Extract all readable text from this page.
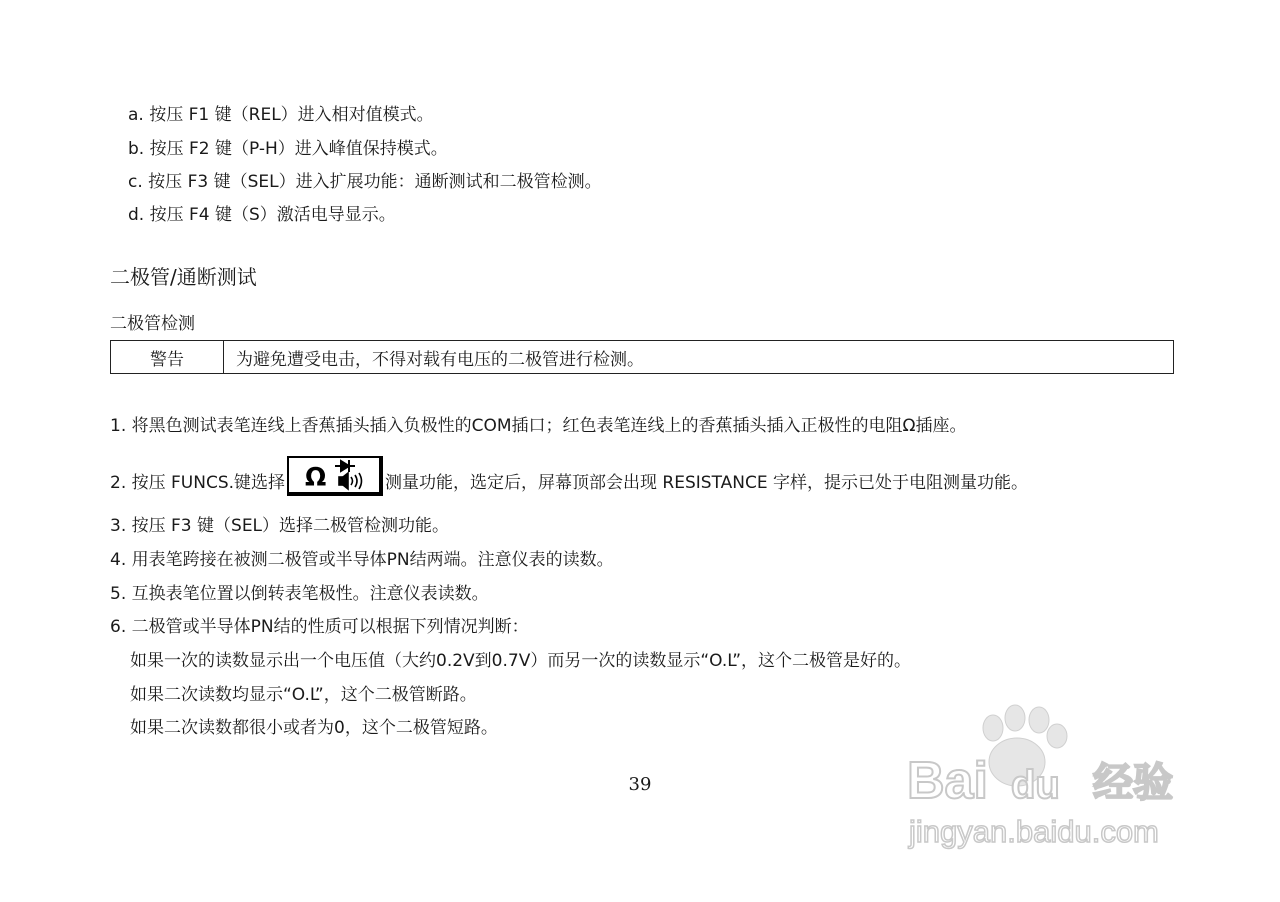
a. 按压 F1 键（REL）进入相对值模式。
b. 按压 F2 键（P-H）进入峰值保持模式。
c. 按压 F3 键（SEL）进入扩展功能：通断测试和二极管检测。
d. 按压 F4 键（S）激活电导显示。
二极管/通断测试
二极管检测
警告	为避免遭受电击，不得对载有电压的二极管进行检测。
1. 将黑色测试表笔连线上香蕉插头插入负极性的COM插口；红色表笔连线上的香蕉插头插入正极性的电阻Ω插座。
2. 按压 FUNCS.键选择 Ω	测量功能，选定后，屏幕顶部会出现 RESISTANCE 字样，提示已处于电阻测量功能。
3. 按压 F3 键（SEL）选择二极管检测功能。
4. 用表笔跨接在被测二极管或半导体PN结两端。注意仪表的读数。
5. 互换表笔位置以倒转表笔极性。注意仪表读数。
6. 二极管或半导体PN结的性质可以根据下列情况判断：
如果一次的读数显示出一个电压值（大约0.2V到0.7V）而另一次的读数显示“O.L”，这个二极管是好的。
如果二次读数均显示“O.L”，这个二极管断路。
如果二次读数都很小或者为0，这个二极管短路。
39	Bai du 经验
jingyan.baidu.com
